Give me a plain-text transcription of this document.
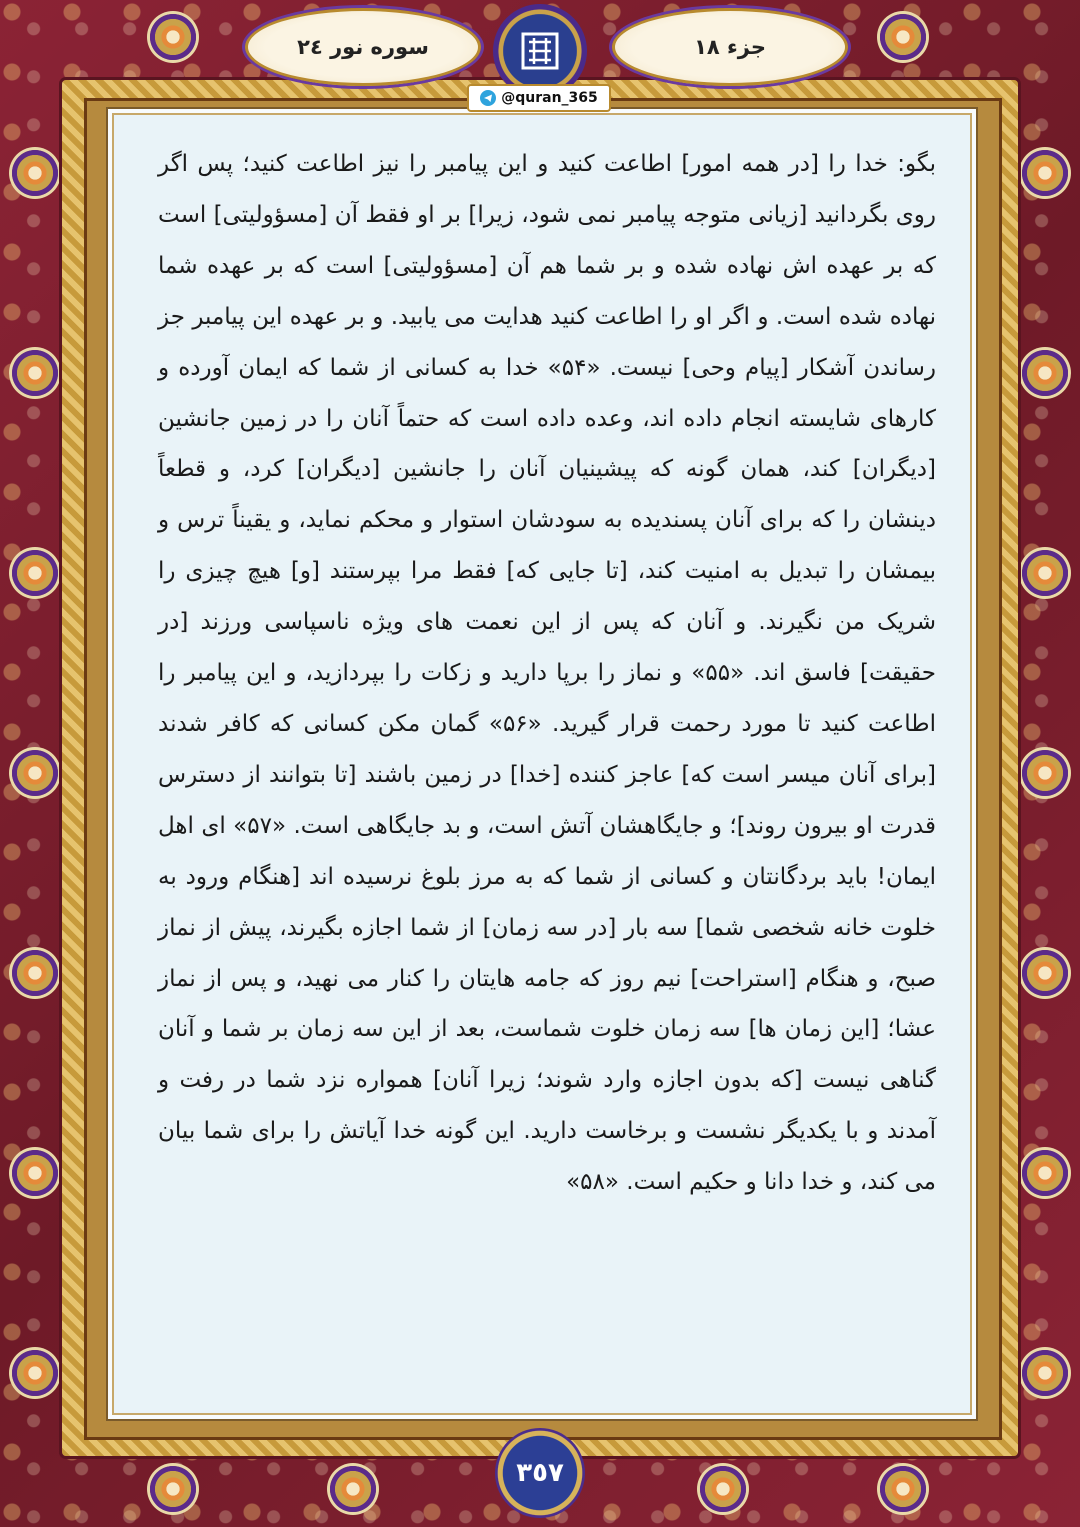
بگو: خدا را [در همه امور] اطاعت کنید و این پیامبر را نیز اطاعت کنید؛ پس اگر روی بگردانید [زیانی متوجه پیامبر نمی شود، زیرا] بر او فقط آن [مسؤولیتی] است که بر عهده اش نهاده شده و بر شما هم آن [مسؤولیتی] است که بر عهده شما نهاده شده است. و اگر او را اطاعت کنید هدایت می یابید. و بر عهده این پیامبر جز رساندن آشکار [پیام وحی] نیست. «۵۴» خدا به کسانی از شما که ایمان آورده و کارهای شایسته انجام داده اند، وعده داده است که حتماً آنان را در زمین جانشین [دیگران] کند، همان گونه که پیشینیان آنان را جانشین [دیگران] کرد، و قطعاً دینشان را که برای آنان پسندیده به سودشان استوار و محکم نماید، و یقیناً ترس و بیمشان را تبدیل به امنیت کند، [تا جایی که] فقط مرا بپرستند [و] هیچ چیزی را شریک من نگیرند. و آنان که پس از این نعمت های ویژه ناسپاسی ورزند [در حقیقت] فاسق اند. «۵۵» و نماز را برپا دارید و زکات را بپردازید، و این پیامبر را اطاعت کنید تا مورد رحمت قرار گیرید. «۵۶» گمان مکن کسانی که کافر شدند [برای آنان میسر است که] عاجز کننده [خدا] در زمین باشند [تا بتوانند از دسترس قدرت او بیرون روند]؛ و جایگاهشان آتش است، و بد جایگاهی است. «۵۷» ای اهل ایمان! باید بردگانتان و کسانی از شما که به مرز بلوغ نرسیده اند [هنگام ورود به خلوت خانه شخصی شما] سه بار [در سه زمان] از شما اجازه بگیرند، پیش از نماز صبح، و هنگام [استراحت] نیم روز که جامه هایتان را کنار می نهید، و پس از نماز عشا؛ [این زمان ها] سه زمان خلوت شماست، بعد از این سه زمان بر شما و آنان گناهی نیست [که بدون اجازه وارد شوند؛ زیرا آنان] همواره نزد شما در رفت و آمدند و با یکدیگر نشست و برخاست دارید. این گونه خدا آیاتش را برای شما بیان می کند، و خدا دانا و حکیم است. «۵۸»

سوره نور ٢٤	جزء ١٨
@quran_365
٣٥٧
